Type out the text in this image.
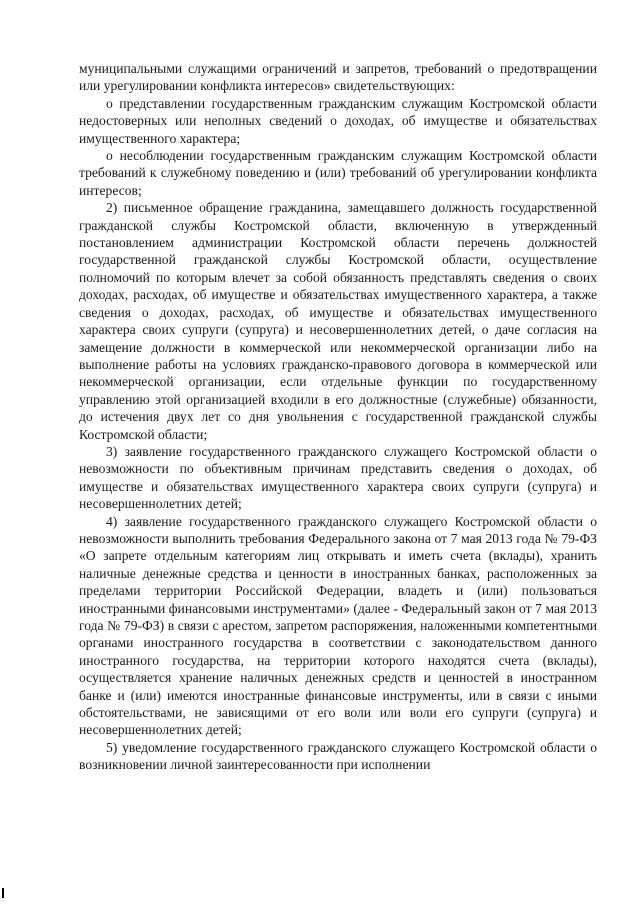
муниципальными служащими ограничений и запретов, требований о предотвращении или урегулировании конфликта интересов» свидетельствующих:

о представлении государственным гражданским служащим Костромской области недостоверных или неполных сведений о доходах, об имуществе и обязательствах имущественного характера;

о несоблюдении государственным гражданским служащим Костромской области требований к служебному поведению и (или) требований об урегулировании конфликта интересов;

2) письменное обращение гражданина, замещавшего должность государственной гражданской службы Костромской области, включенную в утвержденный постановлением администрации Костромской области перечень должностей государственной гражданской службы Костромской области, осуществление полномочий по которым влечет за собой обязанность представлять сведения о своих доходах, расходах, об имуществе и обязательствах имущественного характера, а также сведения о доходах, расходах, об имуществе и обязательствах имущественного характера своих супруги (супруга) и несовершеннолетних детей, о даче согласия на замещение должности в коммерческой или некоммерческой организации либо на выполнение работы на условиях гражданско-правового договора в коммерческой или некоммерческой организации, если отдельные функции по государственному управлению этой организацией входили в его должностные (служебные) обязанности, до истечения двух лет со дня увольнения с государственной гражданской службы Костромской области;

3) заявление государственного гражданского служащего Костромской области о невозможности по объективным причинам представить сведения о доходах, об имуществе и обязательствах имущественного характера своих супруги (супруга) и несовершеннолетних детей;

4) заявление государственного гражданского служащего Костромской области о невозможности выполнить требования Федерального закона от 7 мая 2013 года № 79-ФЗ «О запрете отдельным категориям лиц открывать и иметь счета (вклады), хранить наличные денежные средства и ценности в иностранных банках, расположенных за пределами территории Российской Федерации, владеть и (или) пользоваться иностранными финансовыми инструментами» (далее - Федеральный закон от 7 мая 2013 года № 79-ФЗ) в связи с арестом, запретом распоряжения, наложенными компетентными органами иностранного государства в соответствии с законодательством данного иностранного государства, на территории которого находятся счета (вклады), осуществляется хранение наличных денежных средств и ценностей в иностранном банке и (или) имеются иностранные финансовые инструменты, или в связи с иными обстоятельствами, не зависящими от его воли или воли его супруги (супруга) и несовершеннолетних детей;

5) уведомление государственного гражданского служащего Костромской области о возникновении личной заинтересованности при исполнении
